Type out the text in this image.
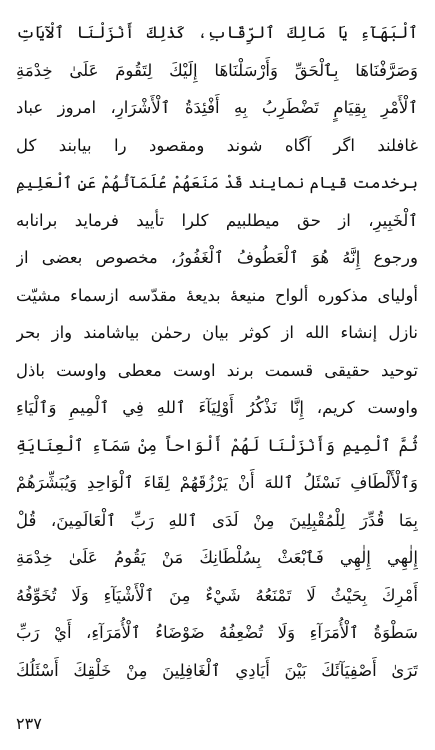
ٱلْبَهَآءِ يَا مَالِكَ ٱلرِّقَابِ، كَذٰلِكَ أَنْزَلْنَا ٱلْآيَاتِ
وَصَرَّفْنَاهَا بِٱلْحَقِّ وَأَرْسَلْنَاهَا إِلَيْكَ لِتَقُومَ عَلَىٰ خِدْمَةِ
ٱلْأَمْرِ بِقِيَامٍ تَضْطَرِبُ بِهِ أَفْئِدَةُ ٱلْأَشْرَارِ، امروز عباد
غافلند اگر آگاه شوند ومقصود را بيابند كل
برخدمت قيام نمايند قَدْ مَنَعَهُمْ عُلَمَآئُهُمْ عَنِ ٱلْعَلِيمِ
ٱلْخَبِيرِ، از حق ميطلبيم كلرا تأييد فرمايد برانابه
ورجوع إِنَّهُ هُوَ ٱلْعَطُوفُ ٱلْغَفُورُ، مخصوص بعضى از
أولياى مذكوره ألواح منيعهٔ بديعهٔ مقدّسه ازسماء مشيّت
نازل إنشاء الله از كوثر بيان رحمٰن بياشامند واز بحر
توحيد حقيقى قسمت برند اوست معطى واوست باذل
واوست كريم، إِنَّا نَذْكُرُ أَوْلِيَآءَ ٱللهِ فِي ٱلْمِيمِ وَٱلْيَاءِ
ثُمَّ ٱلْمِيمِ وَأَنْزَلْنَا لَهُمْ أَلْوَاحاً مِنْ سَمَآءِ ٱلْعِنَايَةِ
وَٱلْأَلْطَافِ نَسْئَلُ ٱللهَ أَنْ يَرْزُقَهُمْ لِقَاءَ ٱلْوَاحِدِ وَيُبَشِّرَهُمْ
بِمَا قُدِّرَ لِلْمُقْبِلِينَ مِنْ لَدَى ٱللهِ رَبِّ ٱلْعَالَمِينَ، قُلْ
إِلٰهِي إِلٰهِي فَٱبْعَثْ بِسُلْطَانِكَ مَنْ يَقُومُ عَلَىٰ خِدْمَةِ
أَمْرِكَ بِحَيْثُ لَا تَمْنَعُهُ شَيْءٌ مِنَ ٱلْأَشْيَآءِ وَلَا تُخَوِّفُهُ
سَطْوَةُ ٱلْأُمَرَآءِ وَلَا تُضْعِفُهُ ضَوْضَاءُ ٱلْأُمَرَآءِ، أَيْ رَبِّ
تَرَىٰ أَصْفِيَآئَكَ بَيْنَ أَيَادِي ٱلْغَافِلِينَ مِنْ خَلْقِكَ أَسْئَلُكَ
٢٣٧
